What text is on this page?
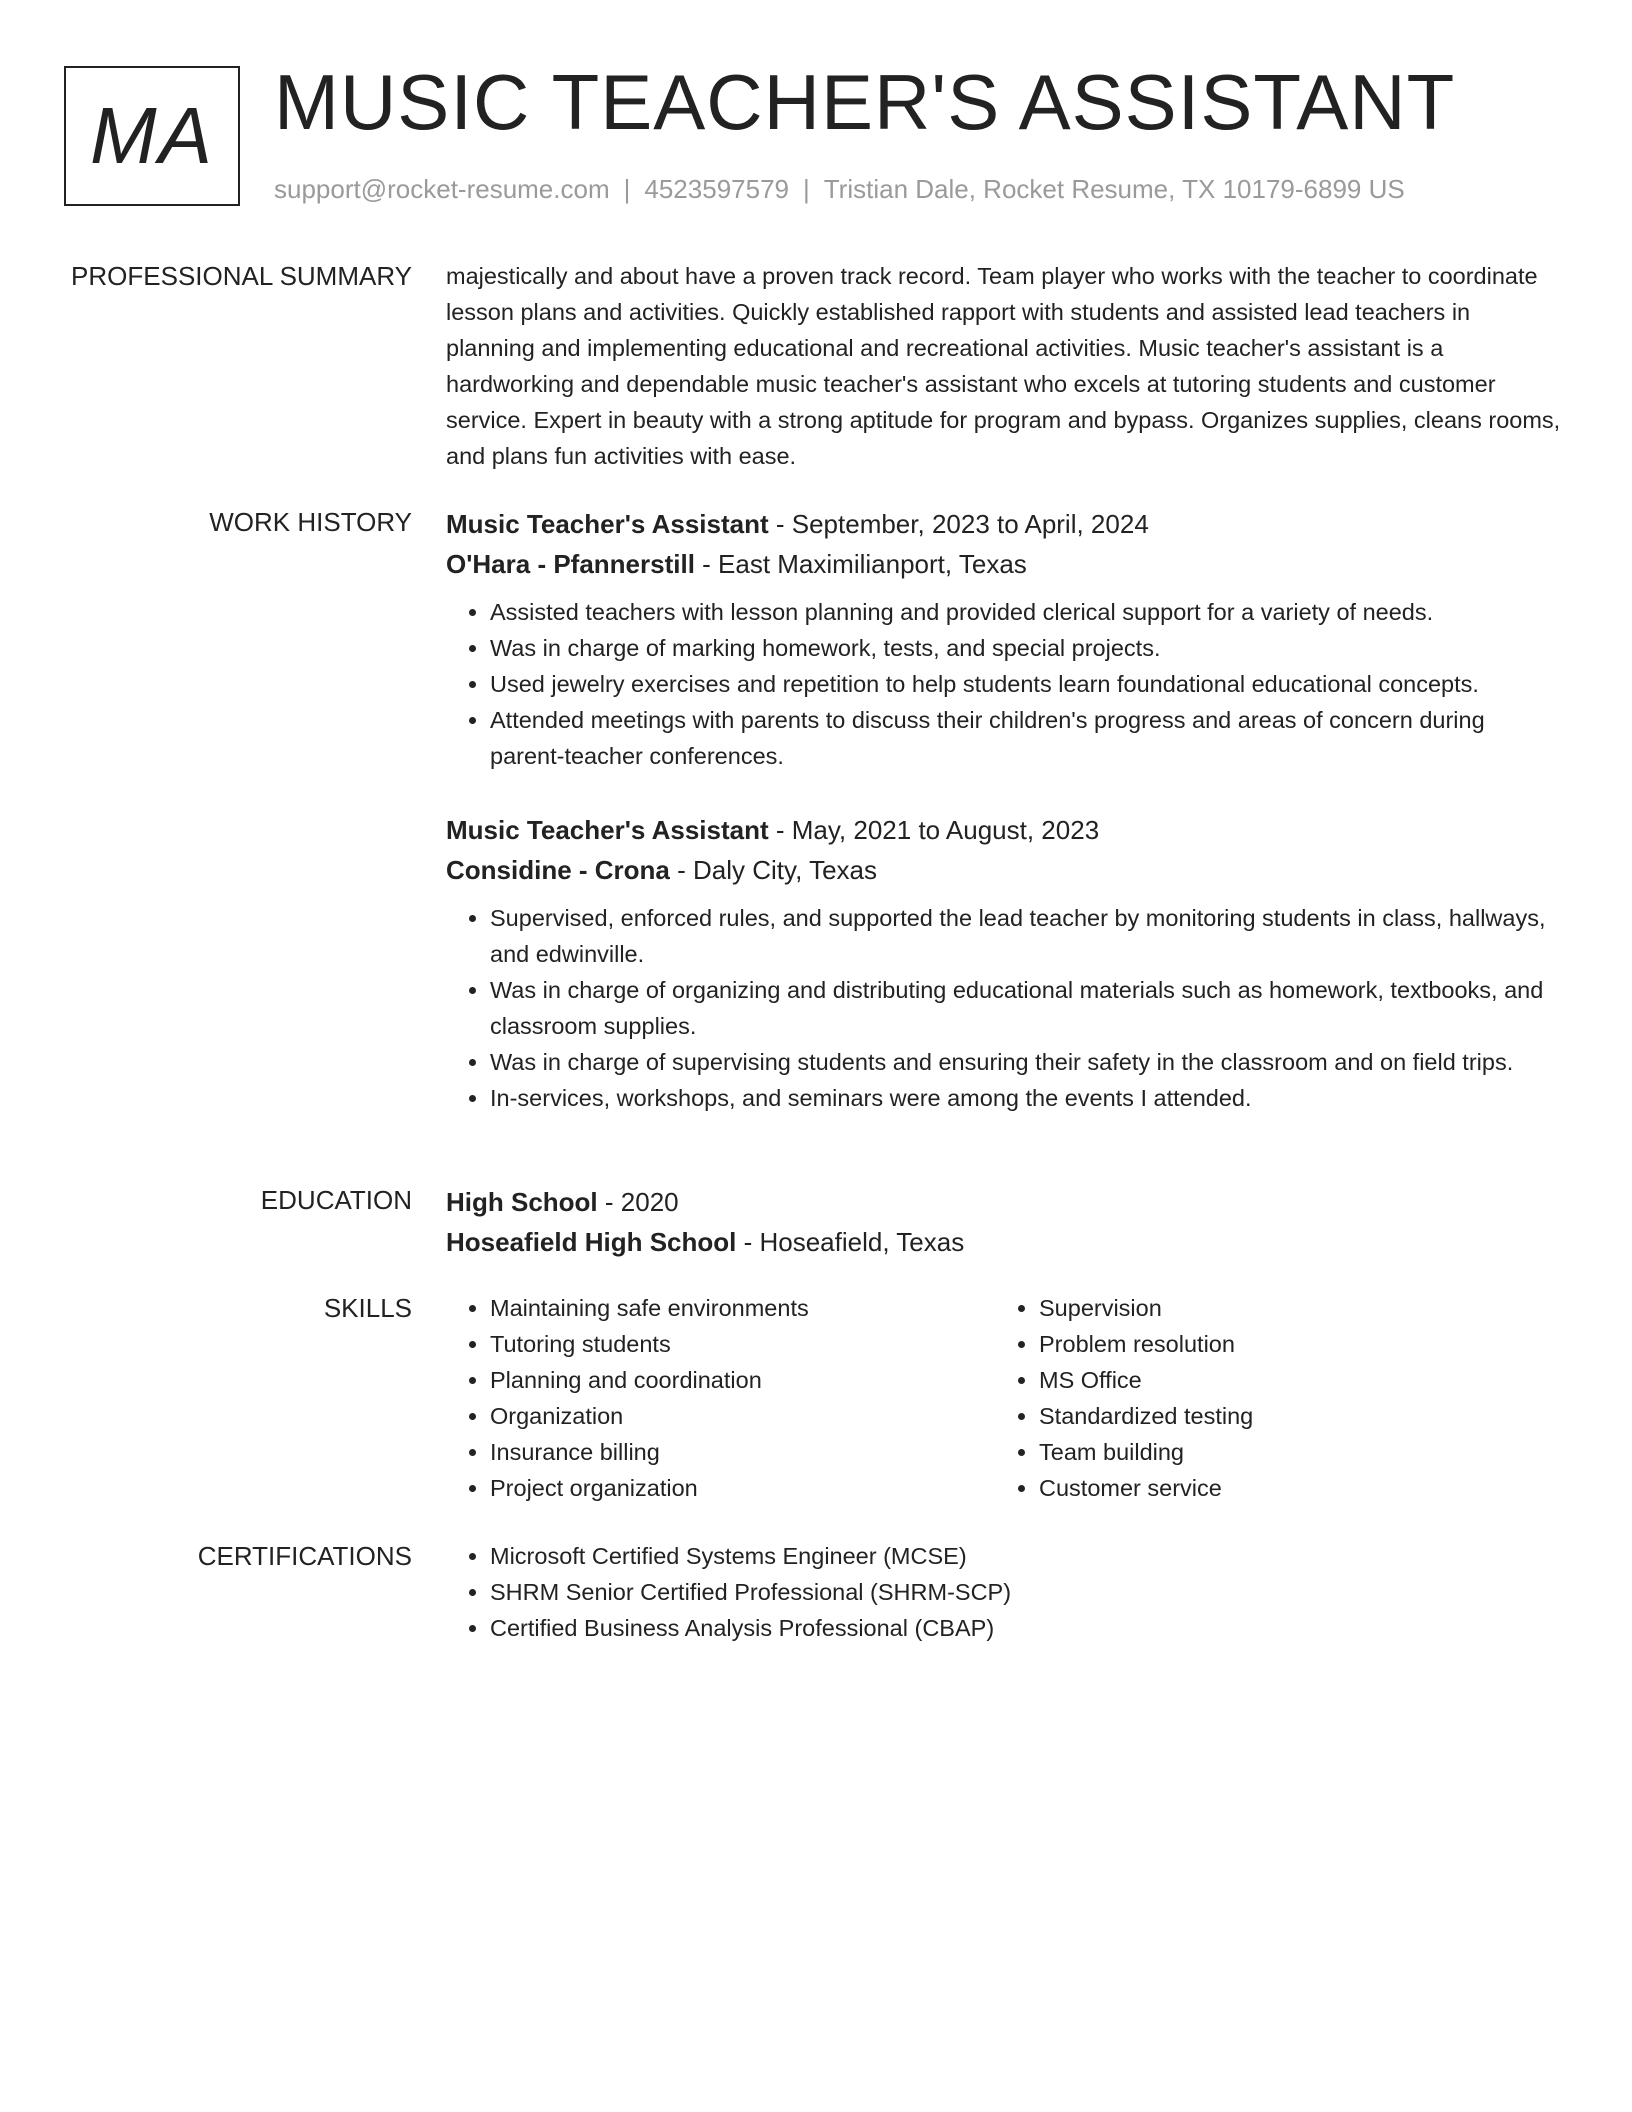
MA MUSIC TEACHER'S ASSISTANT
support@rocket-resume.com | 4523597579 | Tristian Dale, Rocket Resume, TX 10179-6899 US
PROFESSIONAL SUMMARY majestically and about have a proven track record. Team player who works with the teacher to coordinate lesson plans and activities. Quickly established rapport with students and assisted lead teachers in planning and implementing educational and recreational activities. Music teacher's assistant is a hardworking and dependable music teacher's assistant who excels at tutoring students and customer service. Expert in beauty with a strong aptitude for program and bypass. Organizes supplies, cleans rooms, and plans fun activities with ease.

WORK HISTORY Music Teacher's Assistant - September, 2023 to April, 2024

O'Hara - Pfannerstill - East Maximilianport, Texas

• Assisted teachers with lesson planning and provided clerical support for a variety of needs.
• Was in charge of marking homework, tests, and special projects.
• Used jewelry exercises and repetition to help students learn foundational educational concepts.
• Attended meetings with parents to discuss their children's progress and areas of concern during parent-teacher conferences.

Music Teacher's Assistant - May, 2021 to August, 2023

Considine - Crona - Daly City, Texas

• Supervised, enforced rules, and supported the lead teacher by monitoring students in class, hallways, and edwinville.
• Was in charge of organizing and distributing educational materials such as homework, textbooks, and classroom supplies.
• Was in charge of supervising students and ensuring their safety in the classroom and on field trips.
• In-services, workshops, and seminars were among the events I attended.
EDUCATION High School - 2020

Hoseafield High School - Hoseafield, Texas

SKILLS	• Maintaining safe environments
• Tutoring students
• Planning and coordination
• Organization
• Insurance billing
• Project organization
• Supervision
• Problem resolution
• MS Office
• Standardized testing
• Team building
• Customer service
CERTIFICATIONS	• Microsoft Certified Systems Engineer (MCSE)
• SHRM Senior Certified Professional (SHRM-SCP)
• Certified Business Analysis Professional (CBAP)
